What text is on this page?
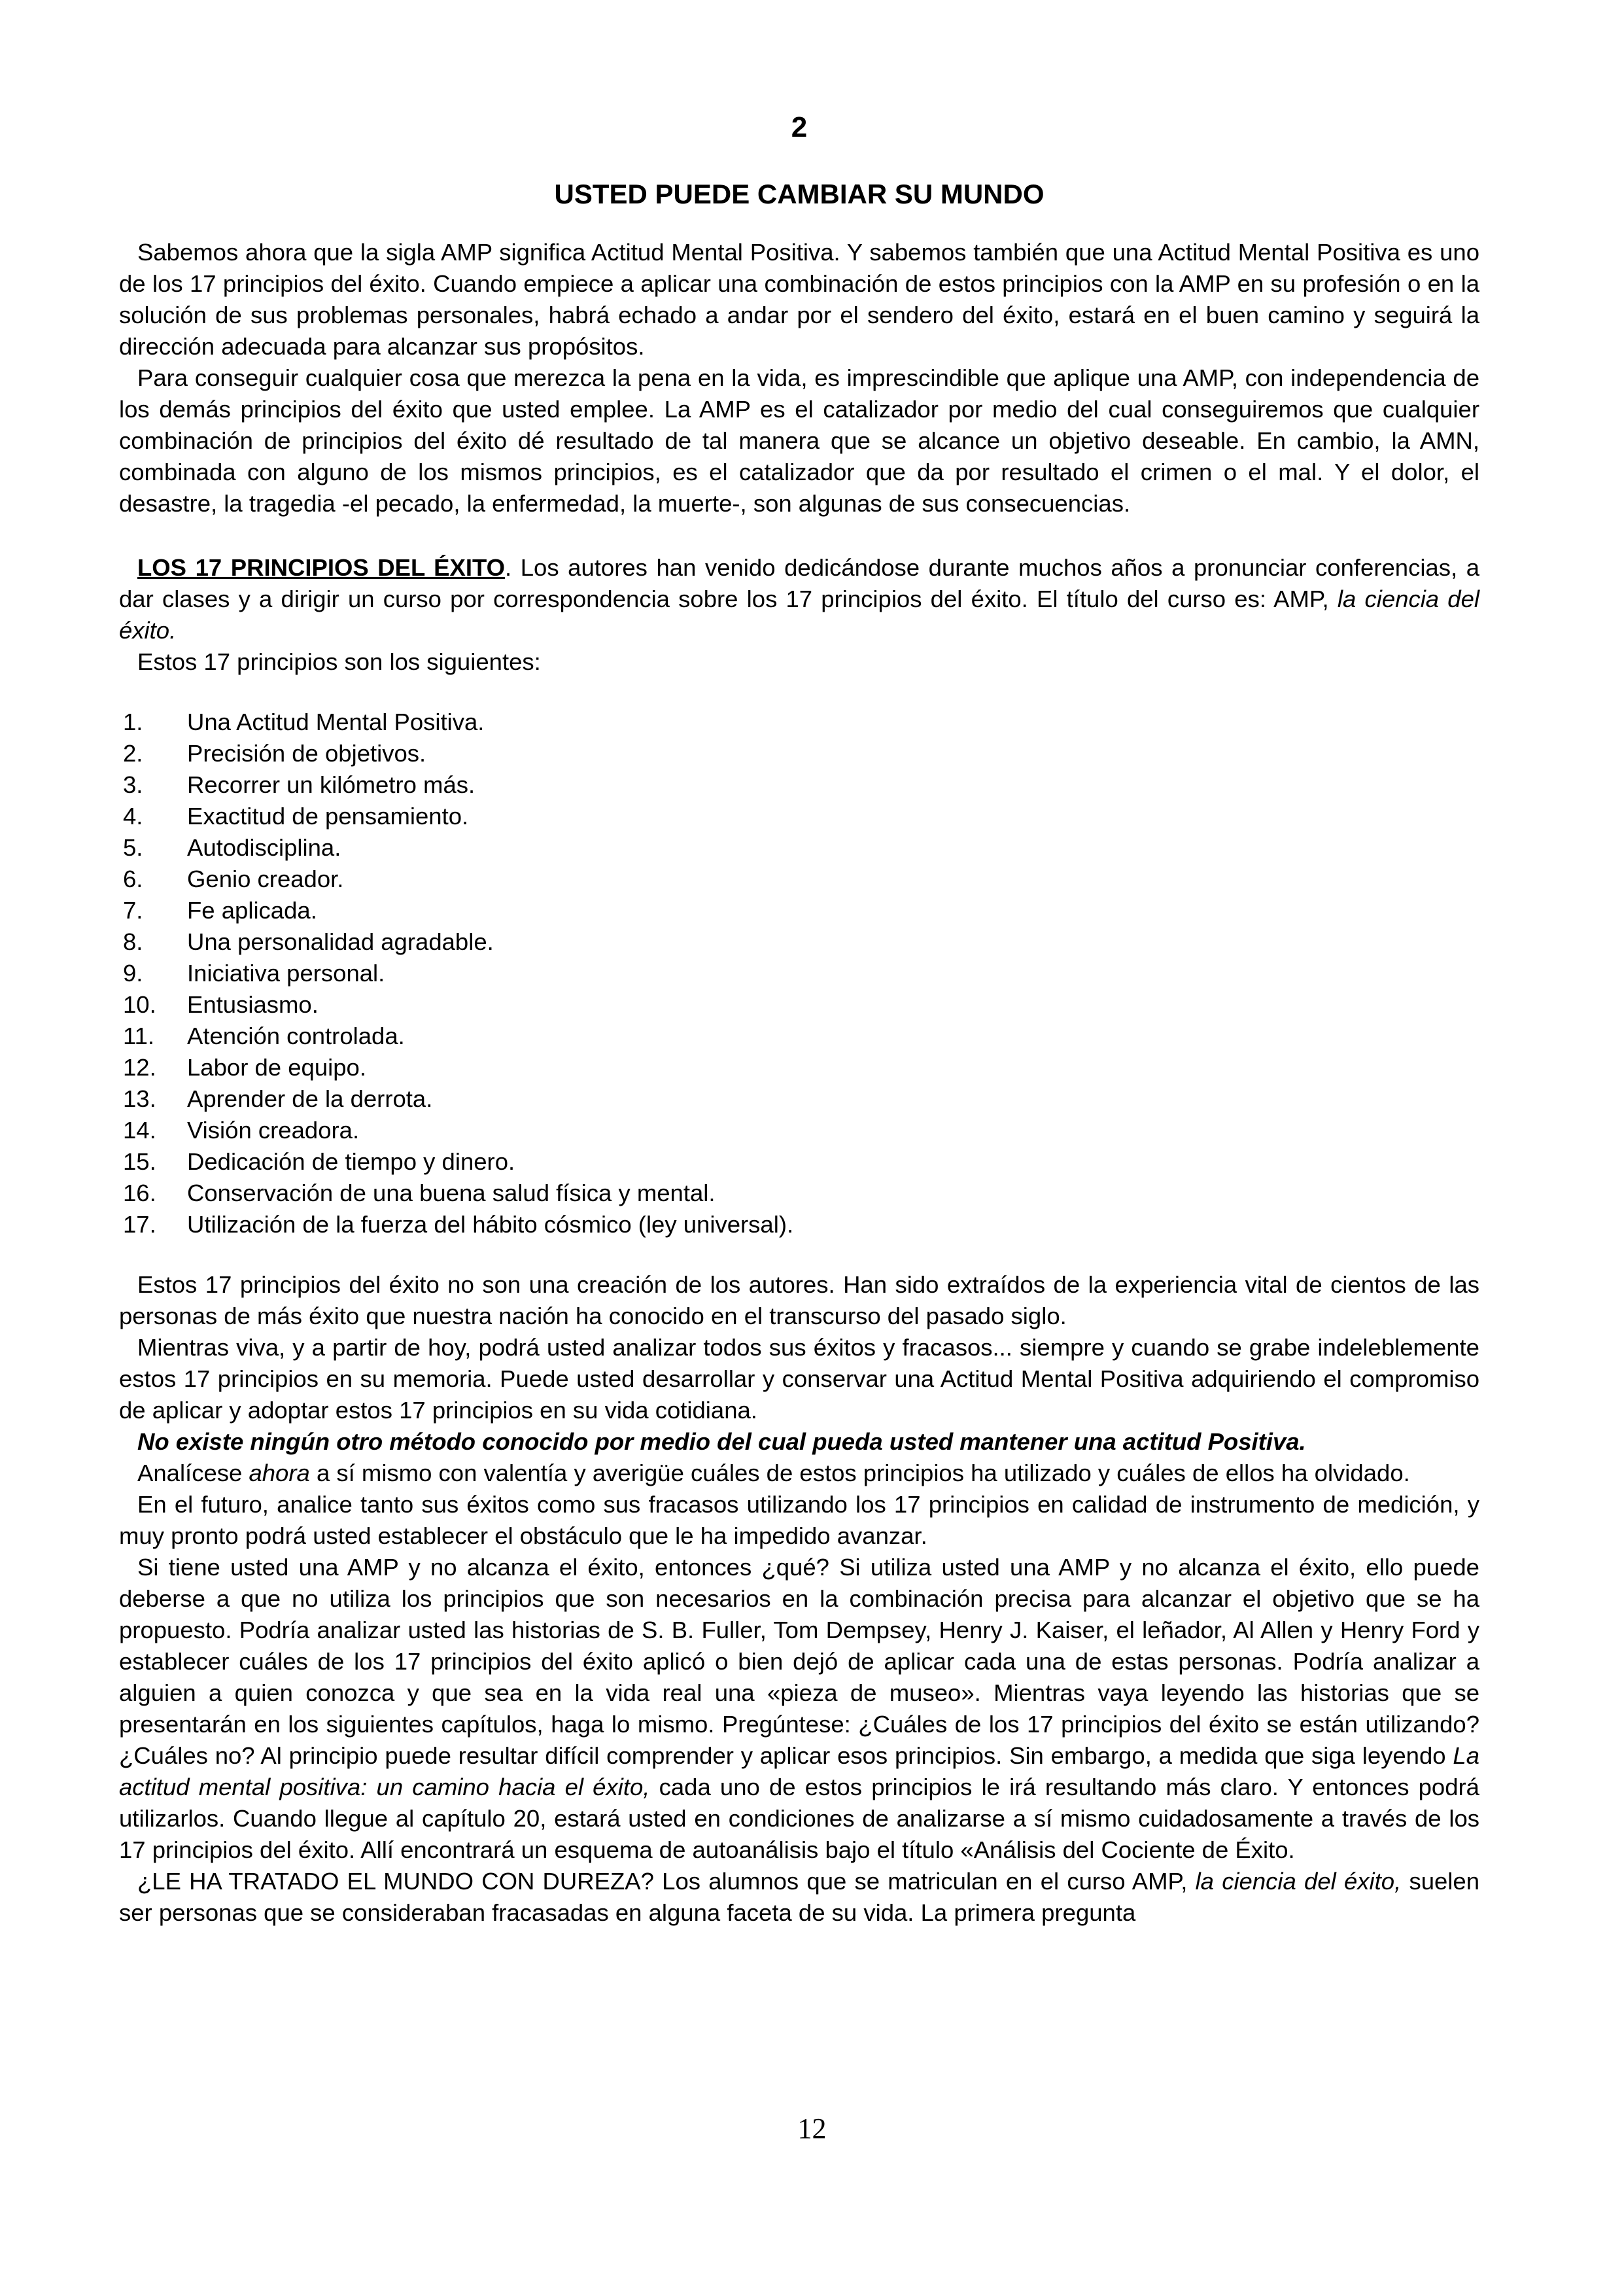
2
USTED PUEDE CAMBIAR SU MUNDO

Sabemos ahora que la sigla AMP significa Actitud Mental Positiva. Y sabemos también que una Actitud Mental Positiva es uno de los 17 principios del éxito. Cuando empiece a aplicar una combinación de estos principios con la AMP en su profesión o en la solución de sus problemas personales, habrá echado a andar por el sendero del éxito, estará en el buen camino y seguirá la dirección adecuada para alcanzar sus propósitos.

Para conseguir cualquier cosa que merezca la pena en la vida, es imprescindible que aplique una AMP, con independencia de los demás principios del éxito que usted emplee. La AMP es el catalizador por medio del cual conseguiremos que cualquier combinación de principios del éxito dé resultado de tal manera que se alcance un objetivo deseable. En cambio, la AMN, combinada con alguno de los mismos principios, es el catalizador que da por resultado el crimen o el mal. Y el dolor, el desastre, la tragedia -el pecado, la enfermedad, la muerte-, son algunas de sus consecuencias.

LOS 17 PRINCIPIOS DEL ÉXITO. Los autores han venido dedicándose durante muchos años a pronunciar conferencias, a dar clases y a dirigir un curso por correspondencia sobre los 17 principios del éxito. El título del curso es: AMP, la ciencia del éxito.

Estos 17 principios son los siguientes:

1.	Una Actitud Mental Positiva.
2.	Precisión de objetivos.
3.	Recorrer un kilómetro más.
4.	Exactitud de pensamiento.
5.	Autodisciplina.
6.	Genio creador.
7.	Fe aplicada.
8.	Una personalidad agradable.
9.	Iniciativa personal.
10.	Entusiasmo.
11.	Atención controlada.
12.	Labor de equipo.
13.	Aprender de la derrota.
14.	Visión creadora.
15.	Dedicación de tiempo y dinero.
16.	Conservación de una buena salud física y mental.
17.	Utilización de la fuerza del hábito cósmico (ley universal).

Estos 17 principios del éxito no son una creación de los autores. Han sido extraídos de la experiencia vital de cientos de las personas de más éxito que nuestra nación ha conocido en el transcurso del pasado siglo.

Mientras viva, y a partir de hoy, podrá usted analizar todos sus éxitos y fracasos... siempre y cuando se grabe indeleblemente estos 17 principios en su memoria. Puede usted desarrollar y conservar una Actitud Mental Positiva adquiriendo el compromiso de aplicar y adoptar estos 17 principios en su vida cotidiana.

No existe ningún otro método conocido por medio del cual pueda usted mantener una actitud Positiva.

Analícese ahora a sí mismo con valentía y averigüe cuáles de estos principios ha utilizado y cuáles de ellos ha olvidado.

En el futuro, analice tanto sus éxitos como sus fracasos utilizando los 17 principios en calidad de instrumento de medición, y muy pronto podrá usted establecer el obstáculo que le ha impedido avanzar.

Si tiene usted una AMP y no alcanza el éxito, entonces ¿qué? Si utiliza usted una AMP y no alcanza el éxito, ello puede deberse a que no utiliza los principios que son necesarios en la combinación precisa para alcanzar el objetivo que se ha propuesto. Podría analizar usted las historias de S. B. Fuller, Tom Dempsey, Henry J. Kaiser, el leñador, Al Allen y Henry Ford y establecer cuáles de los 17 principios del éxito aplicó o bien dejó de aplicar cada una de estas personas. Podría analizar a alguien a quien conozca y que sea en la vida real una «pieza de museo». Mientras vaya leyendo las historias que se presentarán en los siguientes capítulos, haga lo mismo. Pregúntese: ¿Cuáles de los 17 principios del éxito se están utilizando? ¿Cuáles no? Al principio puede resultar difícil comprender y aplicar esos principios. Sin embargo, a medida que siga leyendo La actitud mental positiva: un camino hacia el éxito, cada uno de estos principios le irá resultando más claro. Y entonces podrá utilizarlos. Cuando llegue al capítulo 20, estará usted en condiciones de analizarse a sí mismo cuidadosamente a través de los 17 principios del éxito. Allí encontrará un esquema de autoanálisis bajo el título «Análisis del Cociente de Éxito.

¿LE HA TRATADO EL MUNDO CON DUREZA? Los alumnos que se matriculan en el curso AMP, la ciencia del éxito, suelen ser personas que se consideraban fracasadas en alguna faceta de su vida. La primera pregunta

12
